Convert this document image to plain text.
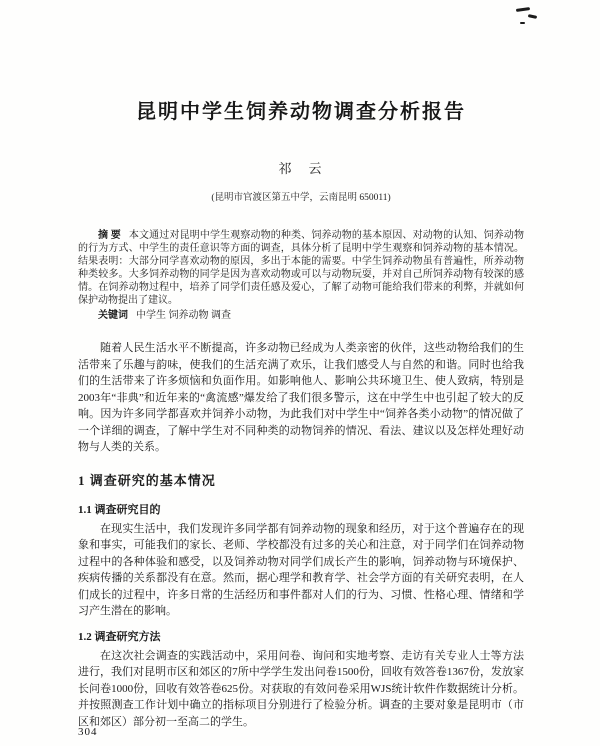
昆明中学生饲养动物调查分析报告
祁　云
(昆明市官渡区第五中学，云南昆明 650011)

摘 要 本文通过对昆明中学生观察动物的种类、饲养动物的基本原因、对动物的认知、饲养动物的行为方式、中学生的责任意识等方面的调查，具体分析了昆明中学生观察和饲养动物的基本情况。结果表明：大部分同学喜欢动物的原因，多出于本能的需要。中学生饲养动物虽有普遍性，所养动物种类较多。大多饲养动物的同学是因为喜欢动物或可以与动物玩耍，并对自己所饲养动物有较深的感情。在饲养动物过程中，培养了同学们责任感及爱心，了解了动物可能给我们带来的利弊，并就如何保护动物提出了建议。

关键词 中学生 饲养动物 调查

随着人民生活水平不断提高，许多动物已经成为人类亲密的伙伴，这些动物给我们的生活带来了乐趣与韵味，使我们的生活充满了欢乐，让我们感受人与自然的和谐。同时也给我们的生活带来了许多烦恼和负面作用。如影响他人、影响公共环境卫生、使人致病，特别是2003年“非典”和近年来的“禽流感”爆发给了我们很多警示，这在中学生中也引起了较大的反响。因为许多同学都喜欢并饲养小动物，为此我们对中学生中“饲养各类小动物”的情况做了一个详细的调查，了解中学生对不同种类的动物饲养的情况、看法、建议以及怎样处理好动物与人类的关系。

1 调查研究的基本情况
1.1 调查研究目的

在现实生活中，我们发现许多同学都有饲养动物的现象和经历，对于这个普遍存在的现象和事实，可能我们的家长、老师、学校都没有过多的关心和注意，对于同学们在饲养动物过程中的各种体验和感受，以及饲养动物对同学们成长产生的影响，饲养动物与环境保护、疾病传播的关系都没有在意。然而，据心理学和教育学、社会学方面的有关研究表明，在人们成长的过程中，许多日常的生活经历和事件都对人们的行为、习惯、性格心理、情绪和学习产生潜在的影响。

1.2 调查研究方法

在这次社会调查的实践活动中，采用问卷、询问和实地考察、走访有关专业人士等方法进行，我们对昆明市区和郊区的7所中学学生发出问卷1500份，回收有效答卷1367份，发放家长问卷1000份，回收有效答卷625份。对获取的有效问卷采用WJS统计软件作数据统计分析。并按照测查工作计划中确立的指标项目分别进行了检验分析。调查的主要对象是昆明市（市区和郊区）部分初一至高二的学生。

304
